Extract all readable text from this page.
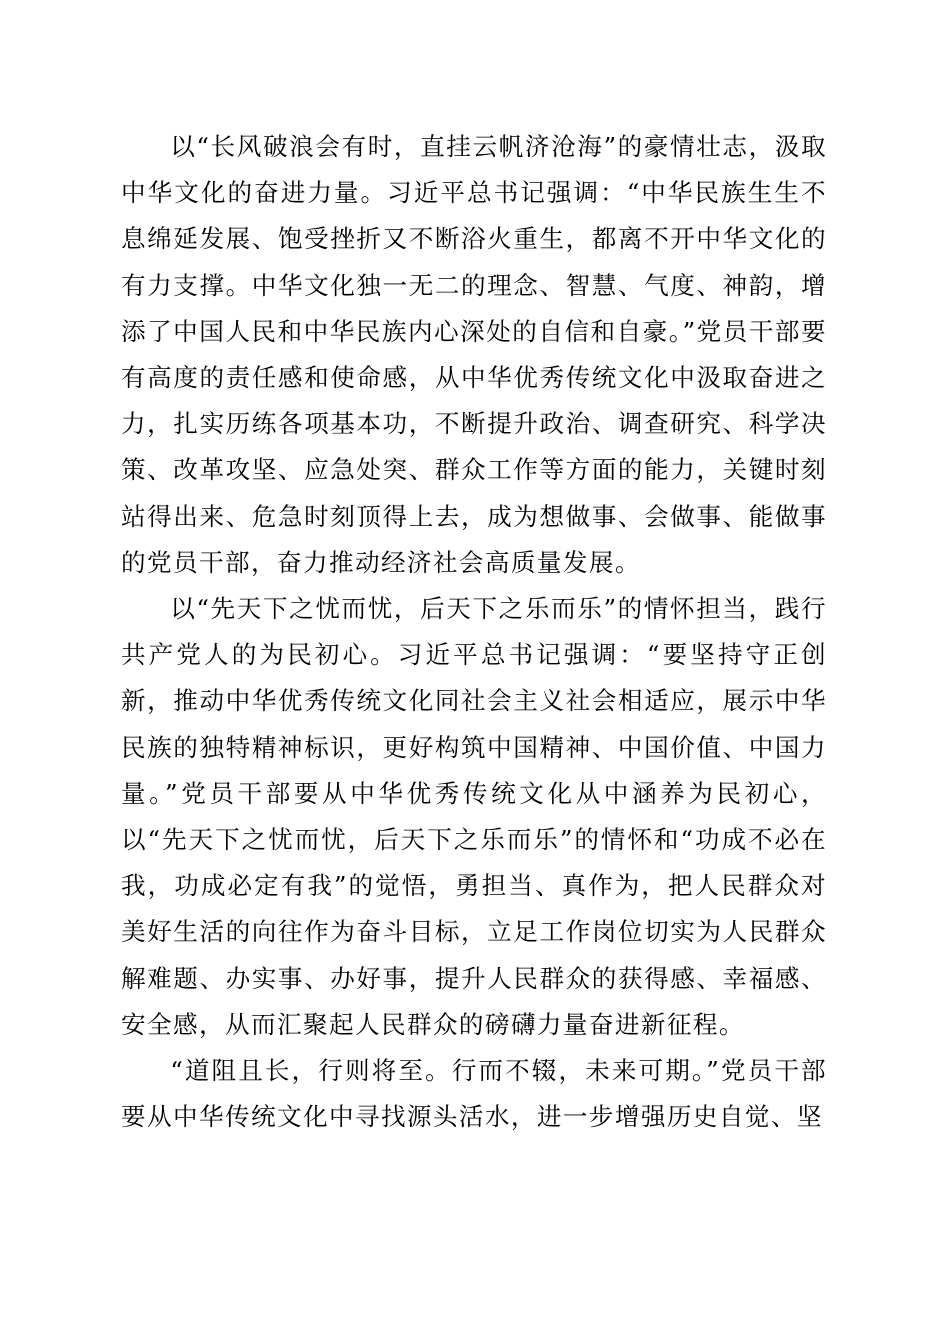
以“长风破浪会有时，直挂云帆济沧海”的豪情壮志，汲取中华文化的奋进力量。习近平总书记强调：“中华民族生生不息绵延发展、饱受挫折又不断浴火重生，都离不开中华文化的有力支撑。中华文化独一无二的理念、智慧、气度、神韵，增添了中国人民和中华民族内心深处的自信和自豪。”党员干部要有高度的责任感和使命感，从中华优秀传统文化中汲取奋进之力，扎实历练各项基本功，不断提升政治、调查研究、科学决策、改革攻坚、应急处突、群众工作等方面的能力，关键时刻站得出来、危急时刻顶得上去，成为想做事、会做事、能做事的党员干部，奋力推动经济社会高质量发展。

以“先天下之忧而忧，后天下之乐而乐”的情怀担当，践行共产党人的为民初心。习近平总书记强调：“要坚持守正创新，推动中华优秀传统文化同社会主义社会相适应，展示中华民族的独特精神标识，更好构筑中国精神、中国价值、中国力量。”党员干部要从中华优秀传统文化从中涵养为民初心，以“先天下之忧而忧，后天下之乐而乐”的情怀和“功成不必在我，功成必定有我”的觉悟，勇担当、真作为，把人民群众对美好生活的向往作为奋斗目标，立足工作岗位切实为人民群众解难题、办实事、办好事，提升人民群众的获得感、幸福感、安全感，从而汇聚起人民群众的磅礴力量奋进新征程。

“道阻且长，行则将至。行而不辍，未来可期。”党员干部要从中华传统文化中寻找源头活水，进一步增强历史自觉、坚
